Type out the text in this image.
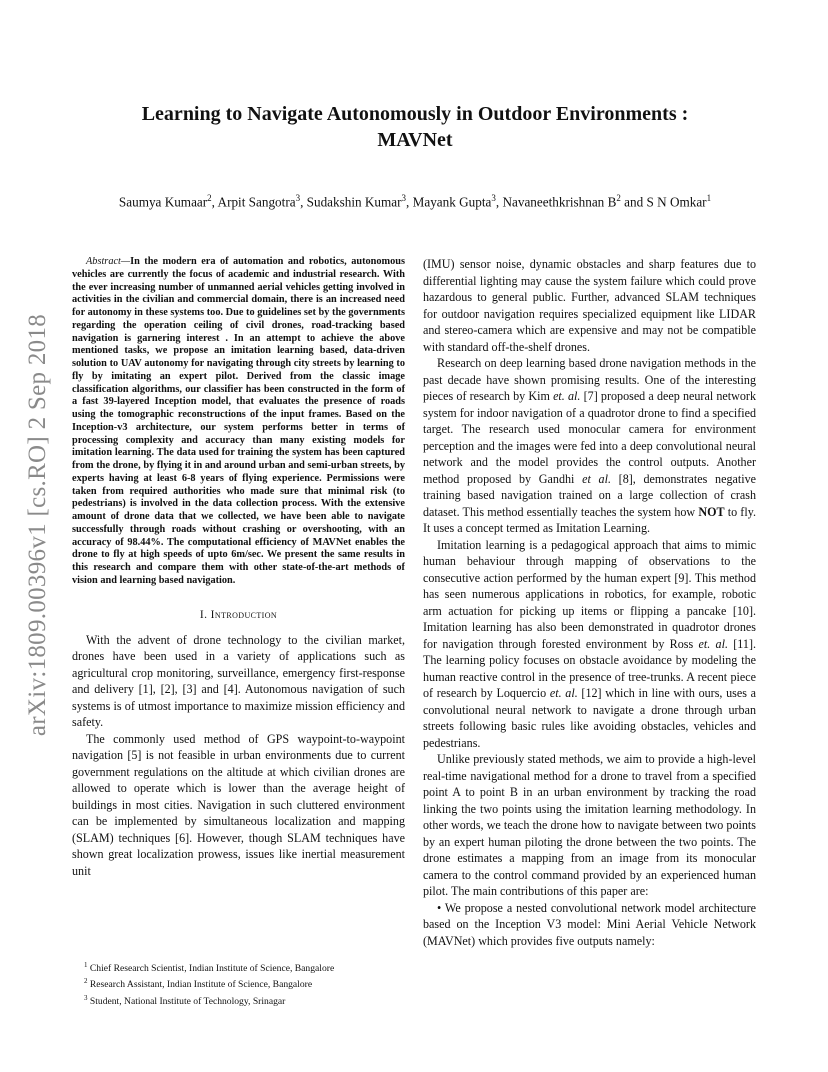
arXiv:1809.00396v1 [cs.RO] 2 Sep 2018
Learning to Navigate Autonomously in Outdoor Environments :
MAVNet
Saumya Kumaar$^2$, Arpit Sangotra$^3$, Sudakshin Kumar$^3$, Mayank Gupta$^3$, Navaneethkrishnan $B^2$ and S N Omkar$^1$

Abstract—In the modern era of automation and robotics, autonomous vehicles are currently the focus of academic and industrial research. With the ever increasing number of unmanned aerial vehicles getting involved in activities in the civilian and commercial domain, there is an increased need for autonomy in these systems too. Due to guidelines set by the governments regarding the operation ceiling of civil drones, road-tracking based navigation is garnering interest . In an attempt to achieve the above mentioned tasks, we propose an imitation learning based, data-driven solution to UAV autonomy for navigating through city streets by learning to fly by imitating an expert pilot. Derived from the classic image classification algorithms, our classifier has been constructed in the form of a fast 39-layered Inception model, that evaluates the presence of roads using the tomographic reconstructions of the input frames. Based on the Inception-v3 architecture, our system performs better in terms of processing complexity and accuracy than many existing models for imitation learning. The data used for training the system has been captured from the drone, by flying it in and around urban and semi-urban streets, by experts having at least 6-8 years of flying experience. Permissions were taken from required authorities who made sure that minimal risk (to pedestrians) is involved in the data collection process. With the extensive amount of drone data that we collected, we have been able to navigate successfully through roads without crashing or overshooting, with an accuracy of 98.44%. The computational efficiency of MAVNet enables the drone to fly at high speeds of upto 6m/sec. We present the same results in this research and compare them with other state-of-the-art methods of vision and learning based navigation.

I. Introduction

With the advent of drone technology to the civilian market, drones have been used in a variety of applications such as agricultural crop monitoring, surveillance, emergency first-response and delivery [1], [2], [3] and [4]. Autonomous navigation of such systems is of utmost importance to maximize mission efficiency and safety.

The commonly used method of GPS waypoint-to-waypoint navigation [5] is not feasible in urban environments due to current government regulations on the altitude at which civilian drones are allowed to operate which is lower than the average height of buildings in most cities. Navigation in such cluttered environment can be implemented by simultaneous localization and mapping (SLAM) techniques [6]. However, though SLAM techniques have shown great localization prowess, issues like inertial measurement unit

$^1$ Chief Research Scientist, Indian Institute of Science, Bangalore

$^2$ Research Assistant, Indian Institute of Science, Bangalore

$^3$ Student, National Institute of Technology, Srinagar

(IMU) sensor noise, dynamic obstacles and sharp features due to differential lighting may cause the system failure which could prove hazardous to general public. Further, advanced SLAM techniques for outdoor navigation requires specialized equipment like LIDAR and stereo-camera which are expensive and may not be compatible with standard off-the-shelf drones.

Research on deep learning based drone navigation methods in the past decade have shown promising results. One of the interesting pieces of research by Kim et. al. [7] proposed a deep neural network system for indoor navigation of a quadrotor drone to find a specified target. The research used monocular camera for environment perception and the images were fed into a deep convolutional neural network and the model provides the control outputs. Another method proposed by Gandhi et al. [8], demonstrates negative training based navigation trained on a large collection of crash dataset. This method essentially teaches the system how NOT to fly. It uses a concept termed as Imitation Learning.

Imitation learning is a pedagogical approach that aims to mimic human behaviour through mapping of observations to the consecutive action performed by the human expert [9]. This method has seen numerous applications in robotics, for example, robotic arm actuation for picking up items or flipping a pancake [10]. Imitation learning has also been demonstrated in quadrotor drones for navigation through forested environment by Ross et. al. [11]. The learning policy focuses on obstacle avoidance by modeling the human reactive control in the presence of tree-trunks. A recent piece of research by Loquercio et. al. [12] which in line with ours, uses a convolutional neural network to navigate a drone through urban streets following basic rules like avoiding obstacles, vehicles and pedestrians.

Unlike previously stated methods, we aim to provide a high-level real-time navigational method for a drone to travel from a specified point A to point B in an urban environment by tracking the road linking the two points using the imitation learning methodology. In other words, we teach the drone how to navigate between two points by an expert human piloting the drone between the two points. The drone estimates a mapping from an image from its monocular camera to the control command provided by an experienced human pilot. The main contributions of this paper are:

• We propose a nested convolutional network model architecture based on the Inception V3 model: Mini Aerial Vehicle Network (MAVNet) which provides five outputs namely:
